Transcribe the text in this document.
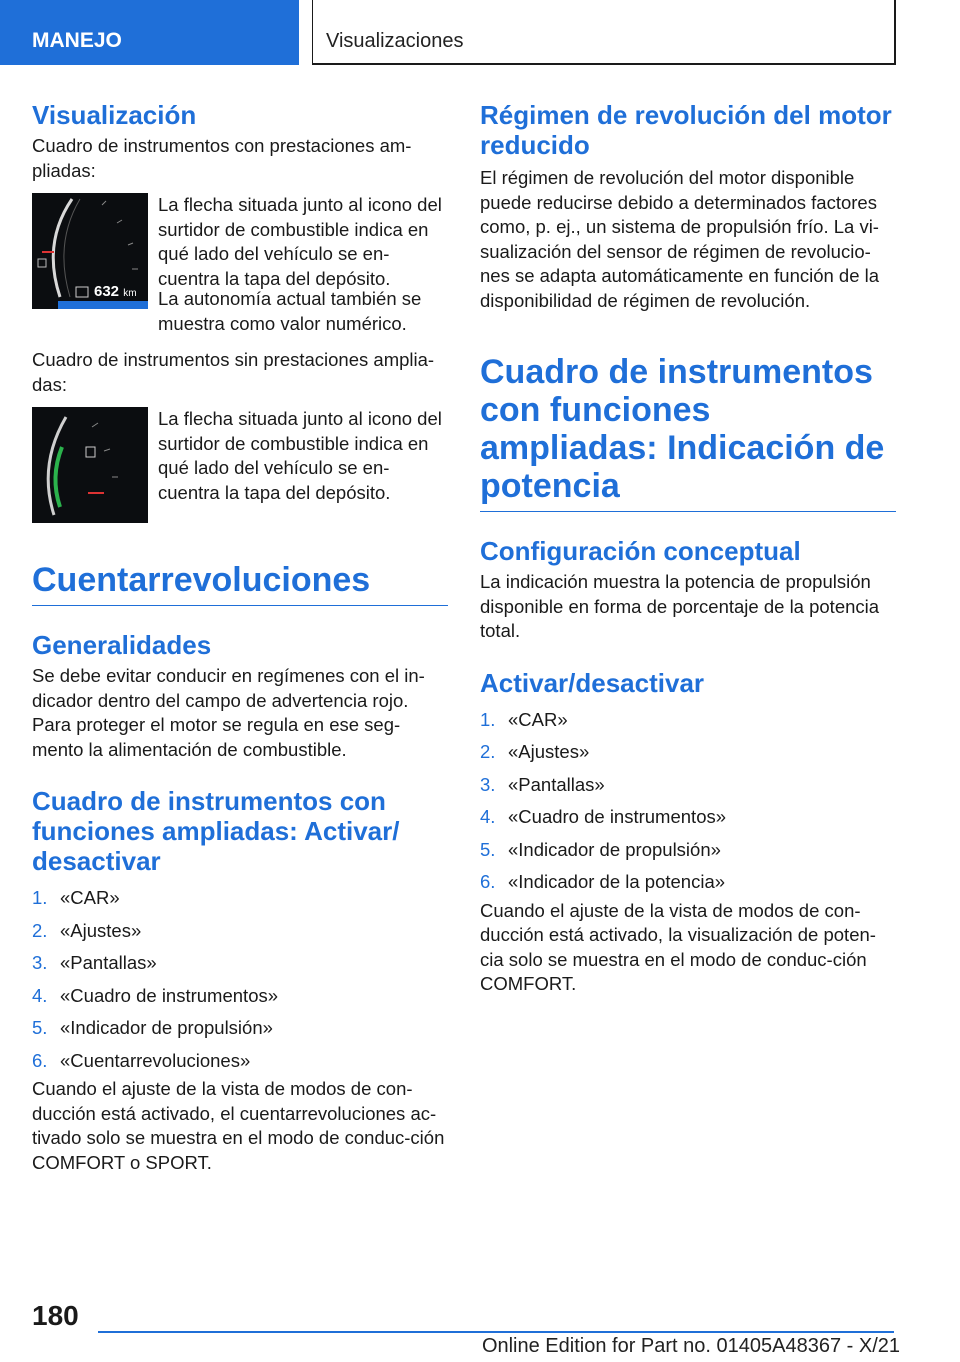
MANEJO	Visualizaciones
Visualización

Cuadro de instrumentos con prestaciones am-pliadas:

632 km
La flecha situada junto al icono del surtidor de combustible indica en qué lado del vehículo se en-cuentra la tapa del depósito.

La autonomía actual también se muestra como valor numérico.

Cuadro de instrumentos sin prestaciones amplia-das:

La flecha situada junto al icono del surtidor de combustible indica en qué lado del vehículo se en-cuentra la tapa del depósito.
Cuentarrevoluciones
Generalidades

Se debe evitar conducir en regímenes con el in-dicador dentro del campo de advertencia rojo. Para proteger el motor se regula en ese seg-mento la alimentación de combustible.

Cuadro de instrumentos con funciones ampliadas: Activar/ desactivar
1. «CAR»
2. «Ajustes»
3. «Pantallas»
4. «Cuadro de instrumentos»
5. «Indicador de propulsión»
6. «Cuentarrevoluciones»

Cuando el ajuste de la vista de modos de con-ducción está activado, el cuentarrevoluciones ac-tivado solo se muestra en el modo de conduc-ción COMFORT o SPORT.

Régimen de revolución del motor reducido

El régimen de revolución del motor disponible puede reducirse debido a determinados factores como, p. ej., un sistema de propulsión frío. La vi-sualización del sensor de régimen de revolucio-nes se adapta automáticamente en función de la disponibilidad de régimen de revolución.

Cuadro de instrumentos con funciones ampliadas: Indicación de potencia
Configuración conceptual

La indicación muestra la potencia de propulsión disponible en forma de porcentaje de la potencia total.

Activar/desactivar
1. «CAR»
2. «Ajustes»
3. «Pantallas»
4. «Cuadro de instrumentos»
5. «Indicador de propulsión»
6. «Indicador de la potencia»

Cuando el ajuste de la vista de modos de con-ducción está activado, la visualización de poten-cia solo se muestra en el modo de conduc-ción COMFORT.

180
Online Edition for Part no. 01405A48367 - X/21
